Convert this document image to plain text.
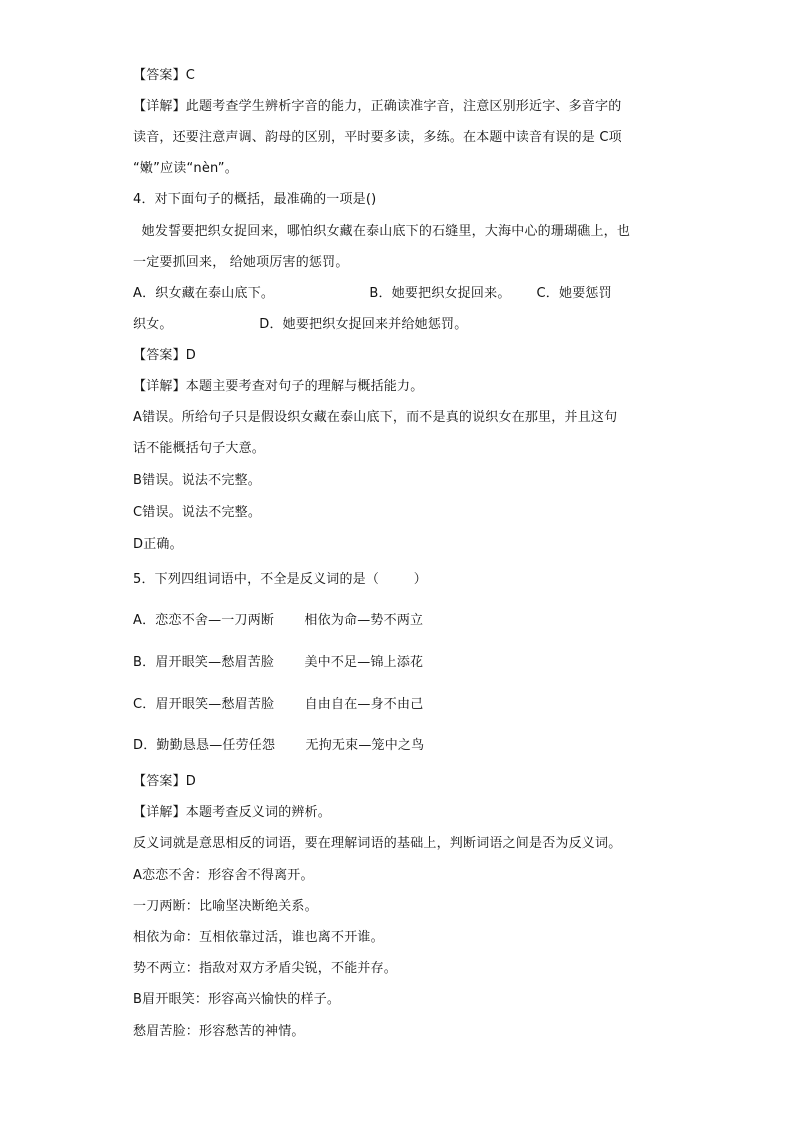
【答案】C
【详解】此题考查学生辨析字音的能力，正确读准字音，注意区别形近字、多音字的
读音，还要注意声调、韵母的区别，平时要多读，多练。在本题中读音有误的是 C项
“嫩”应读“nèn”。
4．对下面句子的概括，最准确的一项是()
她发誓要把织女捉回来，哪怕织女藏在泰山底下的石缝里，大海中心的珊瑚礁上，也
一定要抓回来， 给她项厉害的惩罚。
A．织女藏在泰山底下。                      B．她要把织女捉回来。      C．她要惩罚
织女。                    D．她要把织女捉回来并给她惩罚。
【答案】D
【详解】本题主要考查对句子的理解与概括能力。
A错误。所给句子只是假设织女藏在泰山底下，而不是真的说织女在那里，并且这句
话不能概括句子大意。
B错误。说法不完整。
C错误。说法不完整。
D正确。
5．下列四组词语中，不全是反义词的是（        ）
A．恋恋不舍—一刀两断       相依为命—势不两立
B．眉开眼笑—愁眉苦脸       美中不足—锦上添花
C．眉开眼笑—愁眉苦脸       自由自在—身不由己
D．勤勤恳恳—任劳任怨       无拘无束—笼中之鸟
【答案】D
【详解】本题考查反义词的辨析。
反义词就是意思相反的词语，要在理解词语的基础上，判断词语之间是否为反义词。
A恋恋不舍：形容舍不得离开。
一刀两断：比喻坚决断绝关系。
相依为命：互相依靠过活，谁也离不开谁。
势不两立：指敌对双方矛盾尖锐，不能并存。
B眉开眼笑：形容高兴愉快的样子。
愁眉苦脸：形容愁苦的神情。
